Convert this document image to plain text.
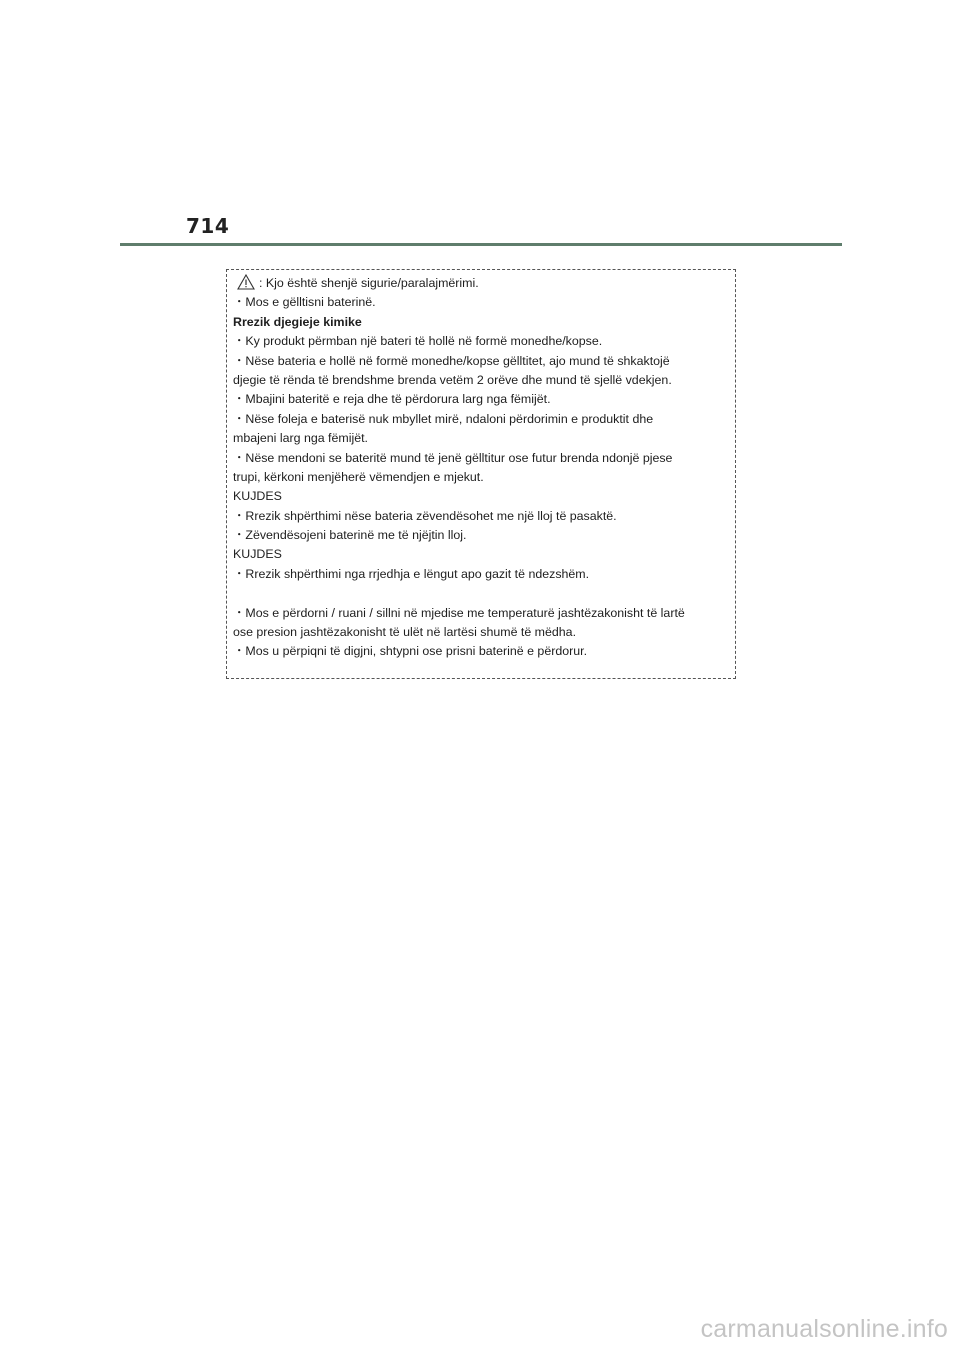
714
: Kjo është shenjë sigurie/paralajmërimi.
・Mos e gëlltisni baterinë.
Rrezik djegieje kimike
・Ky produkt përmban një bateri të hollë në formë monedhe/kopse.
・Nëse bateria e hollë në formë monedhe/kopse gëlltitet, ajo mund të shkaktojë
djegie të rënda të brendshme brenda vetëm 2 orëve dhe mund të sjellë vdekjen.
・Mbajini bateritë e reja dhe të përdorura larg nga fëmijët.
・Nëse foleja e baterisë nuk mbyllet mirë, ndaloni përdorimin e produktit dhe
mbajeni larg nga fëmijët.
・Nëse mendoni se bateritë mund të jenë gëlltitur ose futur brenda ndonjë pjese
trupi, kërkoni menjëherë vëmendjen e mjekut.
KUJDES
・Rrezik shpërthimi nëse bateria zëvendësohet me një lloj të pasaktë.
・Zëvendësojeni baterinë me të njëjtin lloj.
KUJDES
・Rrezik shpërthimi nga rrjedhja e lëngut apo gazit të ndezshëm.
・Mos e përdorni / ruani / sillni në mjedise me temperaturë jashtëzakonisht të lartë
ose presion jashtëzakonisht të ulët në lartësi shumë të mëdha.
・Mos u përpiqni të digjni, shtypni ose prisni baterinë e përdorur.
carmanualsonline.info
